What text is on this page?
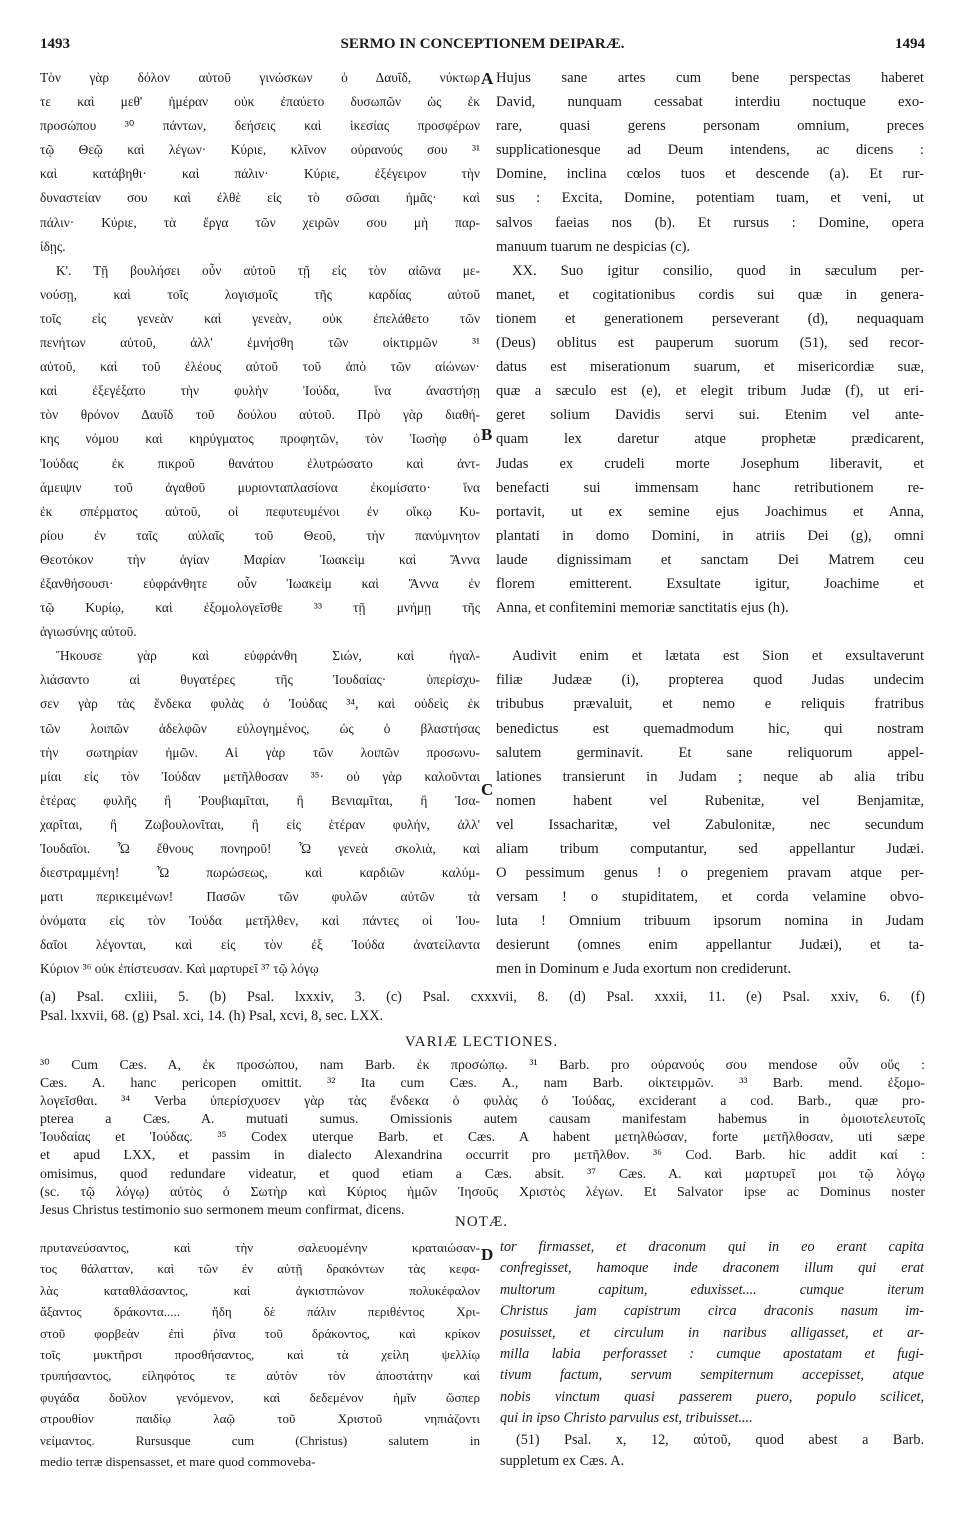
1493	SERMO IN CONCEPTIONEM DEIPARÆ.	1494
Τὸν γὰρ δόλον αὐτοῦ γινώσκων ὁ Δαυΐδ, νύκτωρ
τε καὶ μεθ' ἡμέραν οὐκ ἐπαύετο δυσωπῶν ὡς ἐκ
προσώπου ³⁰ πάντων, δεήσεις καὶ ἱκεσίας προσφέρων
τῷ Θεῷ καὶ λέγων· Κύριε, κλῖνον οὐρανούς σου ³¹
καὶ κατάβηθι· καὶ πάλιν· Κύριε, ἐξέγειρον τὴν
δυναστείαν σου καὶ ἐλθὲ εἰς τὸ σῶσαι ἡμᾶς· καὶ
πάλιν· Κύριε, τὰ ἔργα τῶν χειρῶν σου μὴ παρ-
ίδῃς.
Κ'. Τῇ βουλήσει οὖν αὐτοῦ τῇ εἰς τὸν αἰῶνα με-
νούσῃ, καὶ τοῖς λογισμοῖς τῆς καρδίας αὐτοῦ
τοῖς εἰς γενεὰν καὶ γενεὰν, οὐκ ἐπελάθετο τῶν
πενήτων αὐτοῦ, ἀλλ' ἐμνήσθη τῶν οἰκτιρμῶν ³¹
αὐτοῦ, καὶ τοῦ ἐλέους αὐτοῦ τοῦ ἀπὸ τῶν αἰώνων·
καὶ ἐξεγέξατο τὴν φυλὴν Ἰούδα, ἵνα ἀναστήσῃ
τὸν θρόνον Δαυΐδ τοῦ δούλου αὐτοῦ. Πρὸ γὰρ διαθή-
κης νόμου καὶ κηρύγματος προφητῶν, τὸν Ἰωσὴφ ὁ
Ἰούδας ἐκ πικροῦ θανάτου ἐλυτρώσατο καὶ ἀντ-
άμειψιν τοῦ ἀγαθοῦ μυριονταπλασίονα ἐκομίσατο· ἵνα
ἐκ σπέρματος αὐτοῦ, οἱ πεφυτευμένοι ἐν οἴκῳ Κυ-
ρίου ἐν ταῖς αὐλαῖς τοῦ Θεοῦ, τὴν πανύμνητον
Θεοτόκον τὴν ἁγίαν Μαρίαν Ἰωακεὶμ καὶ Ἄννα
ἐξανθήσουσι· εὐφράνθητε οὖν Ἰωακεὶμ καὶ Ἄννα ἐν
τῷ Κυρίῳ, καὶ ἐξομολογεῖσθε ³³ τῇ μνήμῃ τῆς
ἁγιωσύνης αὐτοῦ.
Ἤκουσε γὰρ καὶ εὐφράνθη Σιών, καὶ ἠγαλ-
λιάσαντο αἱ θυγατέρες τῆς Ἰουδαίας· ὑπερίσχυ-
σεν γὰρ τὰς ἕνδεκα φυλὰς ὁ Ἰούδας ³⁴, καὶ οὐδεὶς ἐκ
τῶν λοιπῶν ἀδελφῶν εὐλογημένος, ὡς ὁ βλαστήσας
τὴν σωτηρίαν ἡμῶν. Αἱ γὰρ τῶν λοιπῶν προσωνυ-
μίαι εἰς τὸν Ἰούδαν μετῆλθοσαν ³⁵· οὐ γὰρ καλοῦνται
ἑτέρας φυλῆς ἢ Ῥουβιαμῖται, ἢ Βενιαμῖται, ἢ Ἰσα-
χαρῖται, ἢ Ζωβουλονῖται, ἢ εἰς ἑτέραν φυλήν, ἀλλ'
Ἰουδαῖοι. Ὦ ἔθνους πονηροῦ! Ὦ γενεὰ σκολιὰ, καὶ
διεστραμμένη! Ὦ πωρώσεως, καὶ καρδιῶν καλύμ-
ματι περικειμένων! Πασῶν τῶν φυλῶν αὐτῶν τὰ
ὀνόματα εἰς τὸν Ἰούδα μετῆλθεν, καὶ πάντες οἱ Ἰου-
δαῖοι λέγονται, καὶ εἰς τὸν ἐξ Ἰούδα ἀνατείλαντα
Κύριον ³⁶ οὐκ ἐπίστευσαν. Καὶ μαρτυρεῖ ³⁷ τῷ λόγῳ
Hujus sane artes cum bene perspectas haberet
David, nunquam cessabat interdiu noctuque exo-
rare, quasi gerens personam omnium, preces
supplicationesque ad Deum intendens, ac dicens :
Domine, inclina cœlos tuos et descende (a). Et rur-
sus : Excita, Domine, potentiam tuam, et veni, ut
salvos faeias nos (b). Et rursus : Domine, opera
manuum tuarum ne despicias (c).
XX. Suo igitur consilio, quod in sæculum per-
manet, et cogitationibus cordis sui quæ in genera-
tionem et generationem perseverant (d), nequaquam
(Deus) oblitus est pauperum suorum (51), sed recor-
datus est miserationum suarum, et misericordiæ suæ,
quæ a sæculo est (e), et elegit tribum Judæ (f), ut eri-
geret solium Davidis servi sui. Etenim vel ante-
quam lex daretur atque prophetæ prædicarent,
Judas ex crudeli morte Josephum liberavit, et
benefacti sui immensam hanc retributionem re-
portavit, ut ex semine ejus Joachimus et Anna,
plantati in domo Domini, in atriis Dei (g), omni
laude dignissimam et sanctam Dei Matrem ceu
florem emitterent. Exsultate igitur, Joachime et
Anna, et confitemini memoriæ sanctitatis ejus (h).
Audivit enim et lætata est Sion et exsultaverunt
filiæ Judææ (i), propterea quod Judas undecim
tribubus prævaluit, et nemo e reliquis fratribus
benedictus est quemadmodum hic, qui nostram
salutem germinavit. Et sane reliquorum appel-
lationes transierunt in Judam ; neque ab alia tribu
nomen habent vel Rubenitæ, vel Benjamitæ,
vel Issacharitæ, vel Zabulonitæ, nec secundum
aliam tribum computantur, sed appellantur Judæi.
O pessimum genus ! o pregeniem pravam atque per-
versam ! o stupiditatem, et corda velamine obvo-
luta ! Omnium tribuum ipsorum nomina in Judam
desierunt (omnes enim appellantur Judæi), et ta-
men in Dominum e Juda exortum non crediderunt.
A
B
C
D
(a) Psal. cxliii, 5. (b) Psal. lxxxiv, 3. (c) Psal. cxxxvii, 8. (d) Psal. xxxii, 11. (e) Psal. xxiv, 6. (f)
Psal. lxxvii, 68. (g) Psal. xci, 14. (h) Psal, xcvi, 8, sec. LXX.
VARIÆ LECTIONES.
³⁰ Cum Cæs. A, ἐκ προσώπου, nam Barb. ἐκ προσώπῳ. ³¹ Barb. pro οὐρανούς σου mendose οὖν οὕς :
Cæs. A. hanc pericopen omittit. ³² Ita cum Cæs. A., nam Barb. οἰκτειρμῶν. ³³ Barb. mend. ἐξομο-
λογεῖσθαι. ³⁴ Verba ὑπερίσχυσεν γὰρ τὰς ἕνδεκα ὁ φυλὰς ὁ Ἰούδας, exciderant a cod. Barb., quæ pro-
pterea a Cæs. A. mutuati sumus. Omissionis autem causam manifestam habemus in ὁμοιοτελευτοῖς
Ἰουδαίας et Ἰούδας. ³⁵ Codex uterque Barb. et Cæs. A habent μετηλθώσαν, forte μετῆλθοσαν, uti sæpe
et apud LXX, et passim in dialecto Alexandrina occurrit pro μετῆλθον. ³⁶ Cod. Barb. hic addit καί :
omisimus, quod redundare videatur, et quod etiam a Cæs. absit. ³⁷ Cæs. A. καὶ μαρτυρεῖ μοι τῷ λόγῳ
(sc. τῷ λόγῳ) αὐτὸς ὁ Σωτὴρ καὶ Κύριος ἡμῶν Ἰησοῦς Χριστὸς λέγων. Et Salvator ipse ac Dominus noster
Jesus Christus testimonio suo sermonem meum confirmat, dicens.
NOTÆ.
πρυτανεύσαντος, καὶ τὴν σαλευομένην κραταιώσαν-
τος θάλατταν, καὶ τῶν ἐν αὐτῇ δρακόντων τὰς κεφα-
λὰς καταθλάσαντος, καὶ ἀγκιστπώνον πολυκέφαλον
ἄξαντος δράκοντα..... ἤδη δὲ πάλιν περιθέντος Χρι-
στοῦ φορβεὰν ἐπὶ ῥῖνα τοῦ δράκοντος, καὶ κρίκον
τοῖς μυκτῆρσι προσθήσαντος, καὶ τὰ χείλη ψελλίῳ
τρυπήσαντος, εἰληφότος τε αὐτὸν τὸν ἀποστάτην καὶ
φυγάδα δοῦλον γενόμενον, καὶ δεδεμένον ἡμῖν ὥσπερ
στρουθίον παιδίῳ λαῷ τοῦ Χριστοῦ νηπιάζοντι
νείμαντος. Rursusque cum (Christus) salutem in
medio terræ dispensasset, et mare quod commoveba-
tor firmasset, et draconum qui in eo erant capita
confregisset, hamoque inde draconem illum qui erat
multorum capitum, eduxisset.... cumque iterum
Christus jam capistrum circa draconis nasum im-
posuisset, et circulum in naribus alligasset, et ar-
milla labia perforasset : cumque apostatam et fugi-
tivum factum, servum sempiternum accepisset, atque
nobis vinctum quasi passerem puero, populo scilicet,
qui in ipso Christo parvulus est, tribuisset....
(51) Psal. x, 12, αὐτοῦ, quod abest a Barb.
suppletum ex Cæs. A.
